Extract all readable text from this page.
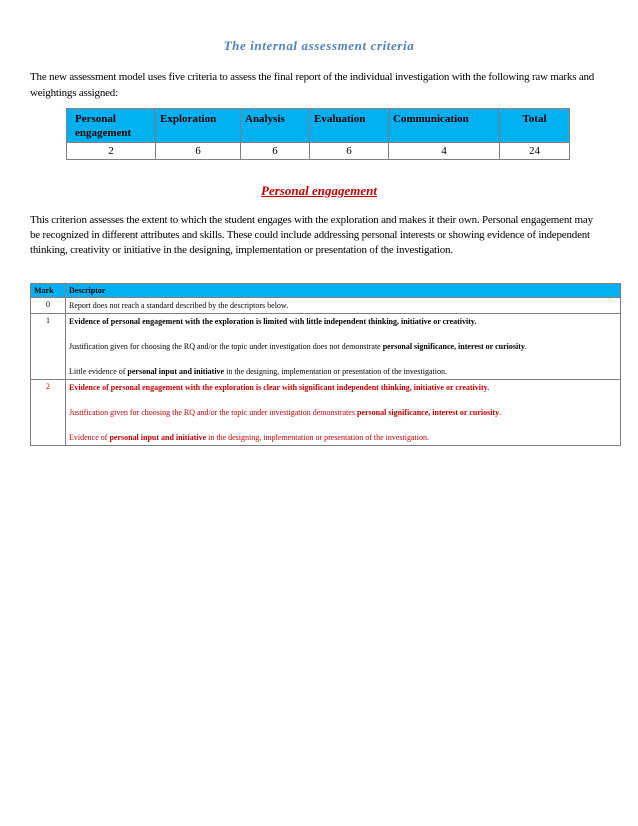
The internal assessment criteria
The new assessment model uses five criteria to assess the final report of the individual investigation with the following raw marks and weightings assigned:
Personal engagement	Exploration	Analysis	Evaluation	Communication	Total
2	6	6	6	4	24
Personal engagement
This criterion assesses the extent to which the student engages with the exploration and makes it their own. Personal engagement may be recognized in different attributes and skills. These could include addressing personal interests or showing evidence of independent thinking, creativity or initiative in the designing, implementation or presentation of the investigation.
Mark	Descriptor
0	Report does not reach a standard described by the descriptors below.

1	Evidence of personal engagement with the exploration is limited with little independent thinking, initiative or creativity.

Justification given for choosing the RQ and/or the topic under investigation does not demonstrate personal significance, interest or curiosity.

Little evidence of personal input and initiative in the designing, implementation or presentation of the investigation.

2	Evidence of personal engagement with the exploration is clear with significant independent thinking, initiative or creativity.

Justification given for choosing the RQ and/or the topic under investigation demonstrates personal significance, interest or curiosity.

Evidence of personal input and initiative in the designing, implementation or presentation of the investigation.
